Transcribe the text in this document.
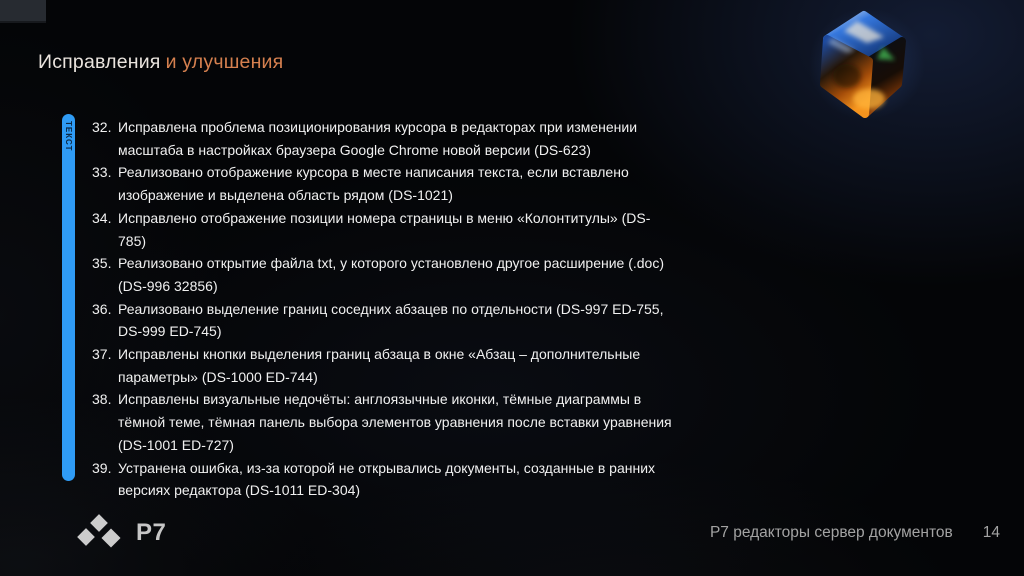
Исправления и улучшения
ТЕКСТ 32. Исправлена проблема позиционирования курсора в редакторах при изменении масштаба в настройках браузера Google Chrome новой версии (DS-623)
33. Реализовано отображение курсора в месте написания текста, если вставлено изображение и выделена область рядом (DS-1021)
34. Исправлено отображение позиции номера страницы в меню «Колонтитулы» (DS-785)
35. Реализовано открытие файла txt, у которого установлено другое расширение (.doc) (DS-996 32856)
36. Реализовано выделение границ соседних абзацев по отдельности (DS-997 ED-755, DS-999 ED-745)
37. Исправлены кнопки выделения границ абзаца в окне «Абзац – дополнительные параметры» (DS-1000 ED-744)
38. Исправлены визуальные недочёты: англоязычные иконки, тёмные диаграммы в тёмной теме, тёмная панель выбора элементов уравнения после вставки уравнения (DS-1001 ED-727)
39. Устранена ошибка, из-за которой не открывались документы, созданные в ранних версиях редактора (DS-1011 ED-304)
Р7	Р7 редакторы сервер документов 14
